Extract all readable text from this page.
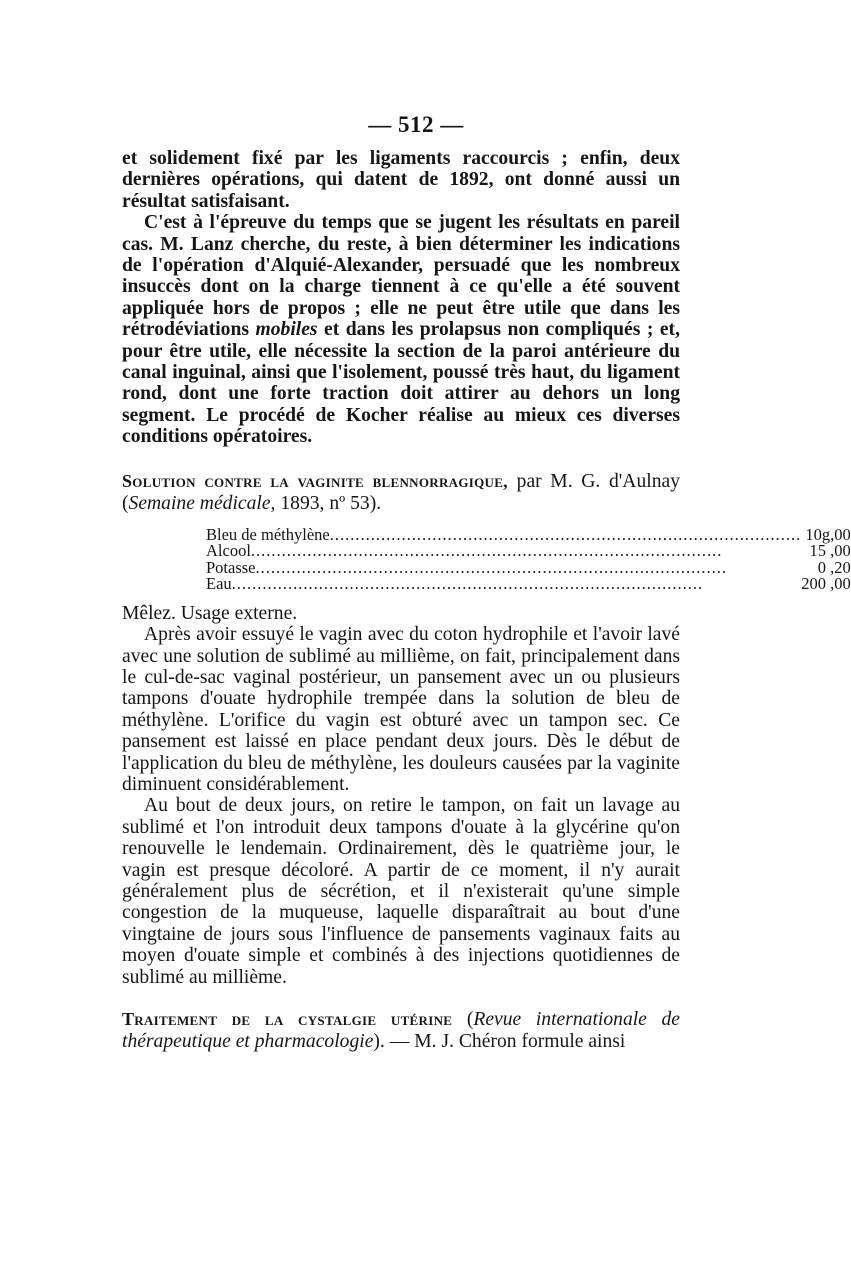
— 512 —

et solidement fixé par les ligaments raccourcis ; enfin, deux dernières opérations, qui datent de 1892, ont donné aussi un résultat satisfaisant.

C'est à l'épreuve du temps que se jugent les résultats en pareil cas. M. Lanz cherche, du reste, à bien déterminer les indications de l'opération d'Alquié-Alexander, persuadé que les nombreux insuccès dont on la charge tiennent à ce qu'elle a été souvent appliquée hors de propos ; elle ne peut être utile que dans les rétrodéviations mobiles et dans les prolapsus non compliqués ; et, pour être utile, elle nécessite la section de la paroi antérieure du canal inguinal, ainsi que l'isolement, poussé très haut, du ligament rond, dont une forte traction doit attirer au dehors un long segment. Le procédé de Kocher réalise au mieux ces diverses conditions opératoires.

Solution contre la vaginite blennorragique, par M. G. d'Aulnay (Semaine médicale, 1893, nº 53).
Bleu de méthylène .....	10g,00
Alcool .....	15 ,00
Potasse .....	0 ,20
Eau .....	200 ,00

Mêlez. Usage externe.

Après avoir essuyé le vagin avec du coton hydrophile et l'avoir lavé avec une solution de sublimé au millième, on fait, principalement dans le cul-de-sac vaginal postérieur, un pansement avec un ou plusieurs tampons d'ouate hydrophile trempée dans la solution de bleu de méthylène. L'orifice du vagin est obturé avec un tampon sec. Ce pansement est laissé en place pendant deux jours. Dès le début de l'application du bleu de méthylène, les douleurs causées par la vaginite diminuent considérablement.

Au bout de deux jours, on retire le tampon, on fait un lavage au sublimé et l'on introduit deux tampons d'ouate à la glycérine qu'on renouvelle le lendemain. Ordinairement, dès le quatrième jour, le vagin est presque décoloré. A partir de ce moment, il n'y aurait généralement plus de sécrétion, et il n'existerait qu'une simple congestion de la muqueuse, laquelle disparaîtrait au bout d'une vingtaine de jours sous l'influence de pansements vaginaux faits au moyen d'ouate simple et combinés à des injections quotidiennes de sublimé au millième.

Traitement de la cystalgie utérine (Revue internationale de thérapeutique et pharmacologie). — M. J. Chéron formule ainsi
